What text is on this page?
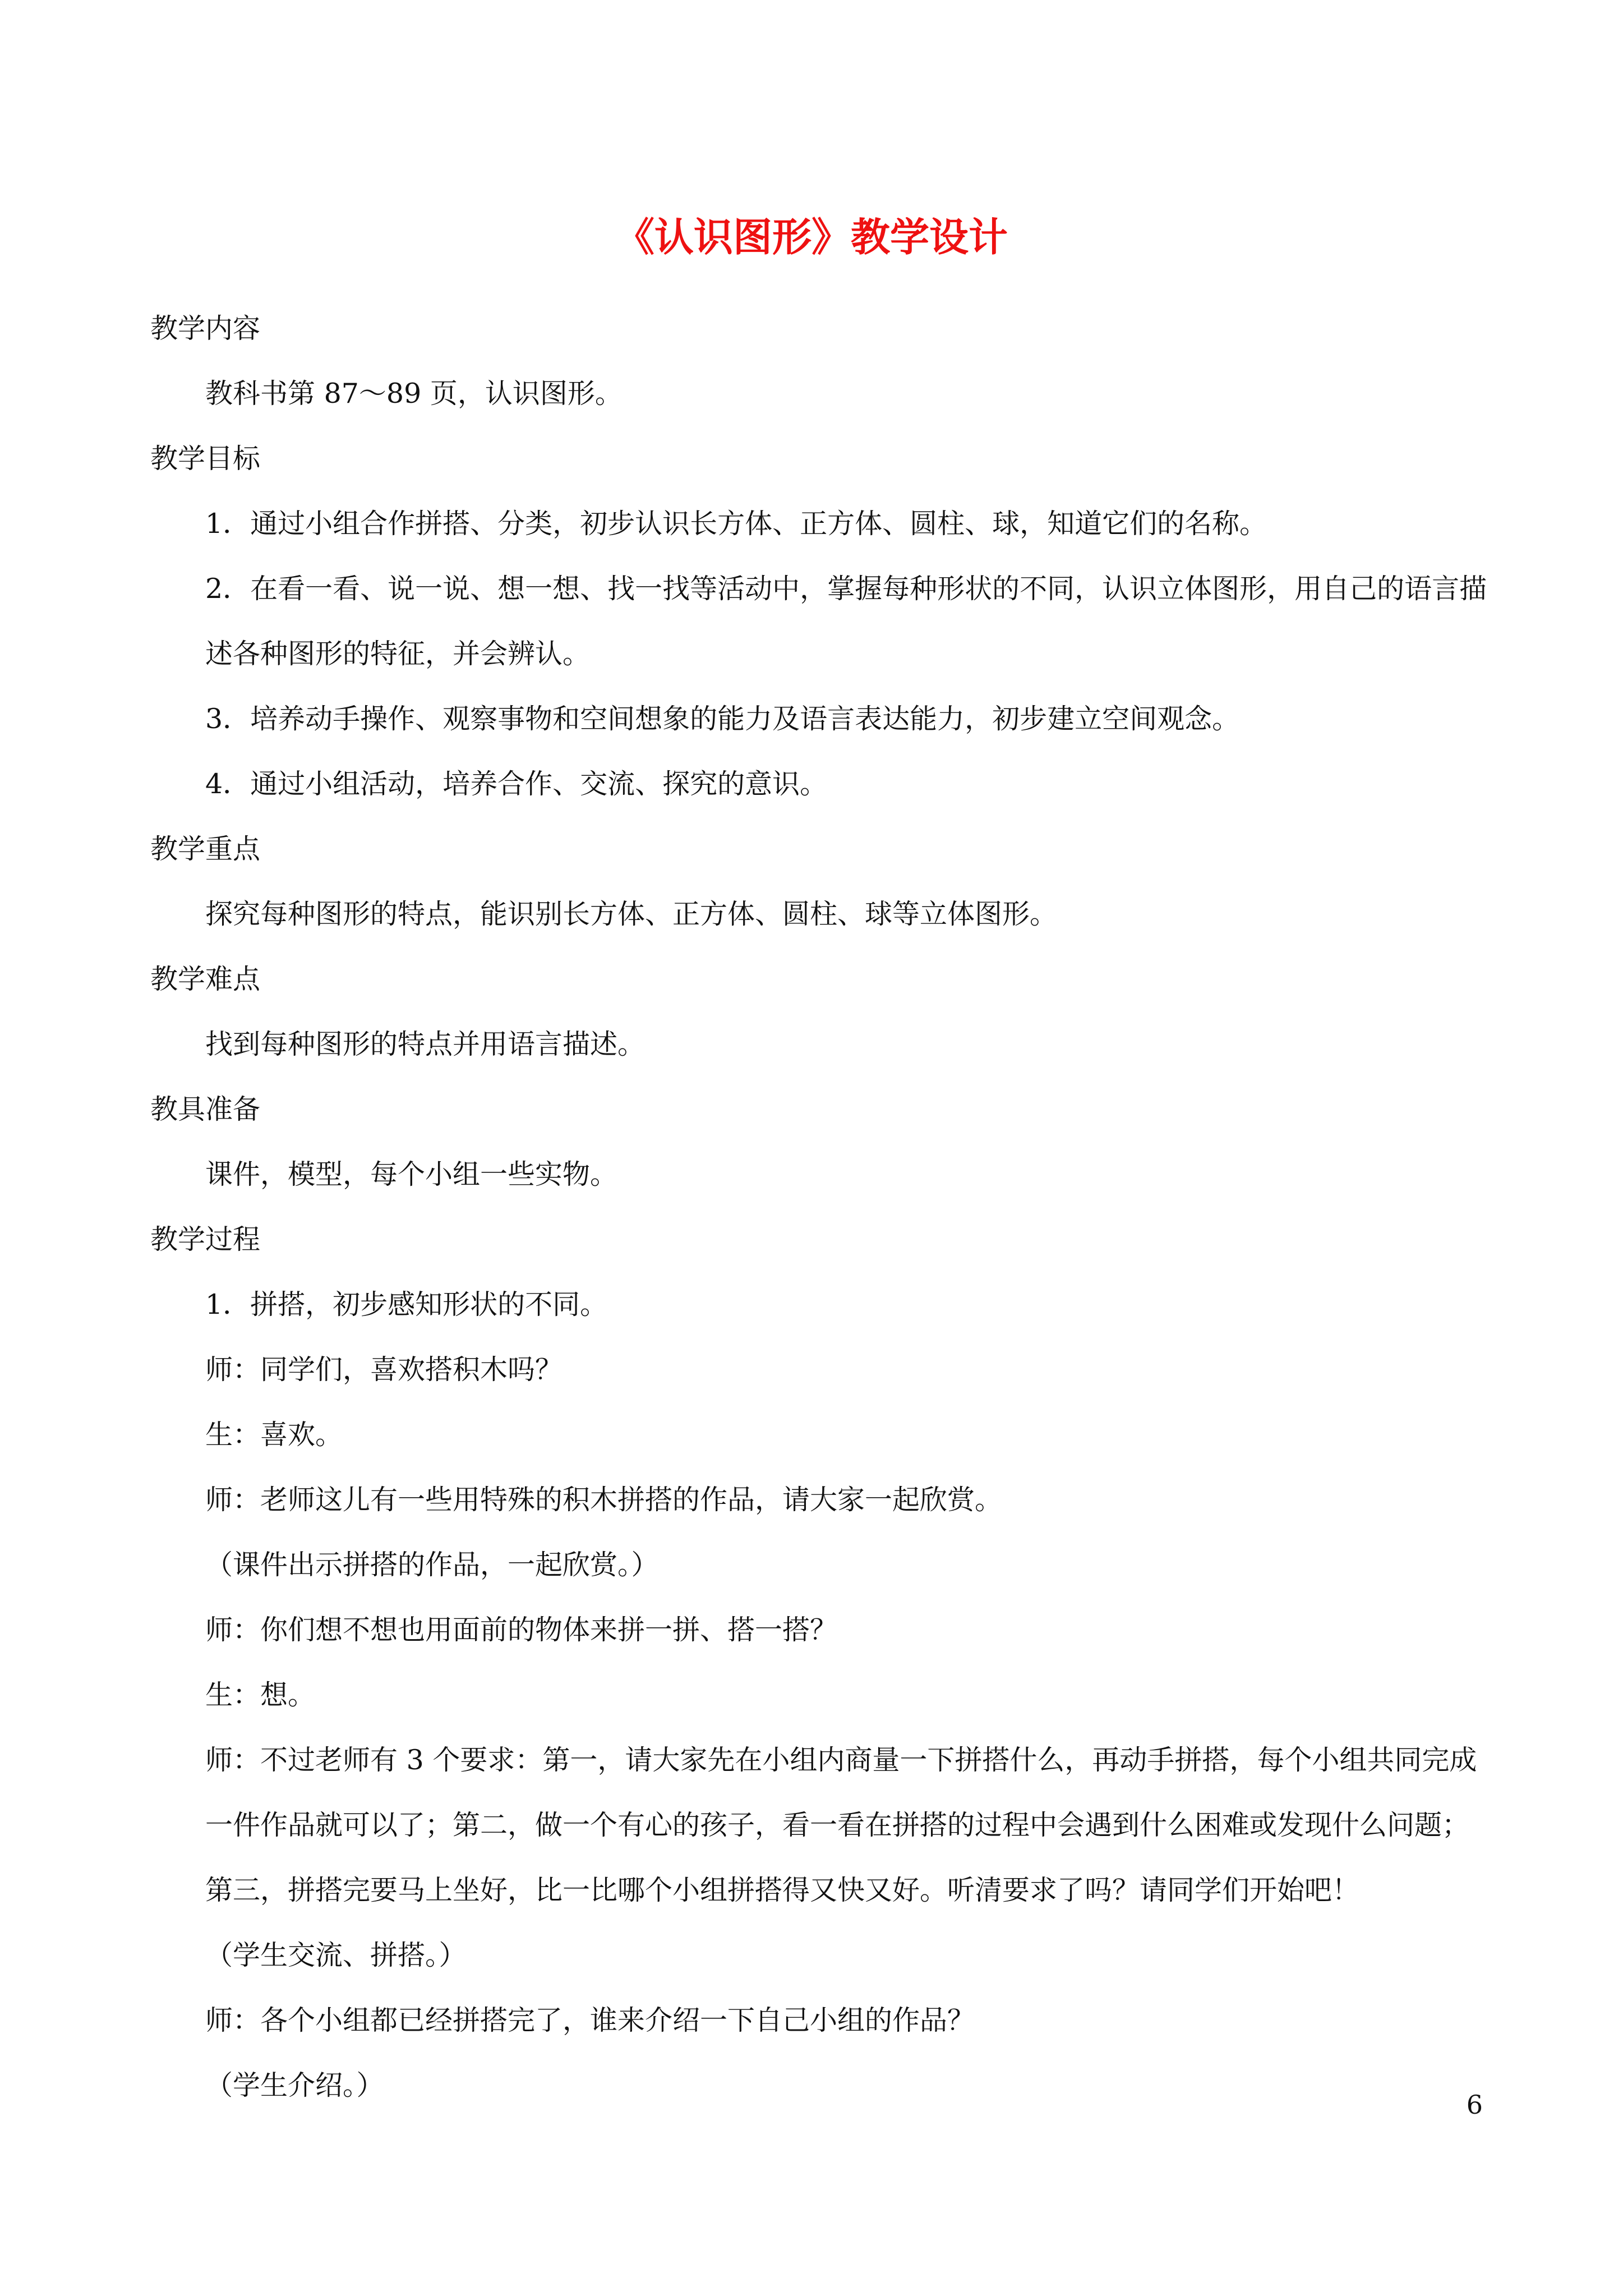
《认识图形》教学设计
教学内容
教科书第 87～89 页，认识图形。
教学目标
1．通过小组合作拼搭、分类，初步认识长方体、正方体、圆柱、球，知道它们的名称。
2．在看一看、说一说、想一想、找一找等活动中，掌握每种形状的不同，认识立体图形，用自己的语言描述各种图形的特征，并会辨认。
3．培养动手操作、观察事物和空间想象的能力及语言表达能力，初步建立空间观念。
4．通过小组活动，培养合作、交流、探究的意识。
教学重点
探究每种图形的特点，能识别长方体、正方体、圆柱、球等立体图形。
教学难点
找到每种图形的特点并用语言描述。
教具准备
课件，模型，每个小组一些实物。
教学过程
1．拼搭，初步感知形状的不同。
师：同学们，喜欢搭积木吗？
生：喜欢。
师：老师这儿有一些用特殊的积木拼搭的作品，请大家一起欣赏。
（课件出示拼搭的作品，一起欣赏。）
师：你们想不想也用面前的物体来拼一拼、搭一搭？
生：想。
师：不过老师有 3 个要求：第一，请大家先在小组内商量一下拼搭什么，再动手拼搭，每个小组共同完成一件作品就可以了；第二，做一个有心的孩子，看一看在拼搭的过程中会遇到什么困难或发现什么问题；第三，拼搭完要马上坐好，比一比哪个小组拼搭得又快又好。听清要求了吗？请同学们开始吧！
（学生交流、拼搭。）
师：各个小组都已经拼搭完了，谁来介绍一下自己小组的作品？
（学生介绍。）
6
